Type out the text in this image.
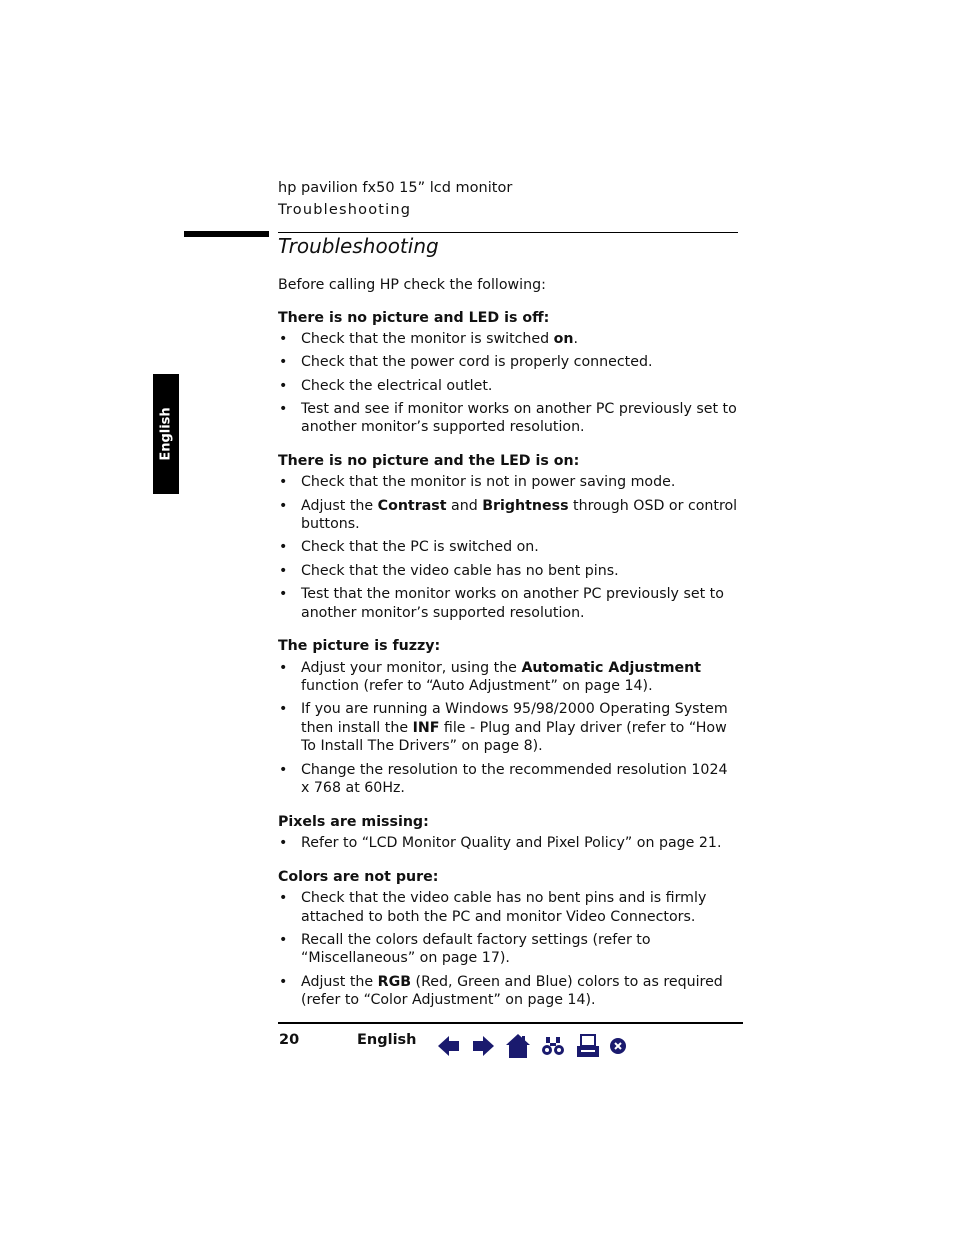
hp pavilion fx50 15” lcd monitor
Troubleshooting
Troubleshooting
English

Before calling HP check the following:

There is no picture and LED is off:
• Check that the monitor is switched on.
• Check that the power cord is properly connected.
• Check the electrical outlet.
• Test and see if monitor works on another PC previously set to another monitor’s supported resolution.
There is no picture and the LED is on:
• Check that the monitor is not in power saving mode.
• Adjust the Contrast and Brightness through OSD or control buttons.
• Check that the PC is switched on.
• Check that the video cable has no bent pins.
• Test that the monitor works on another PC previously set to another monitor’s supported resolution.
The picture is fuzzy:
• Adjust your monitor, using the Automatic Adjustment function (refer to “Auto Adjustment” on page 14).
• If you are running a Windows 95/98/2000 Operating System then install the INF file - Plug and Play driver (refer to “How To Install The Drivers” on page 8).
• Change the resolution to the recommended resolution 1024 x 768 at 60Hz.
Pixels are missing:
• Refer to “LCD Monitor Quality and Pixel Policy” on page 21.
Colors are not pure:
• Check that the video cable has no bent pins and is firmly attached to both the PC and monitor Video Connectors.
• Recall the colors default factory settings (refer to “Miscellaneous” on page 17).
• Adjust the RGB (Red, Green and Blue) colors to as required (refer to “Color Adjustment” on page 14).
20	English
